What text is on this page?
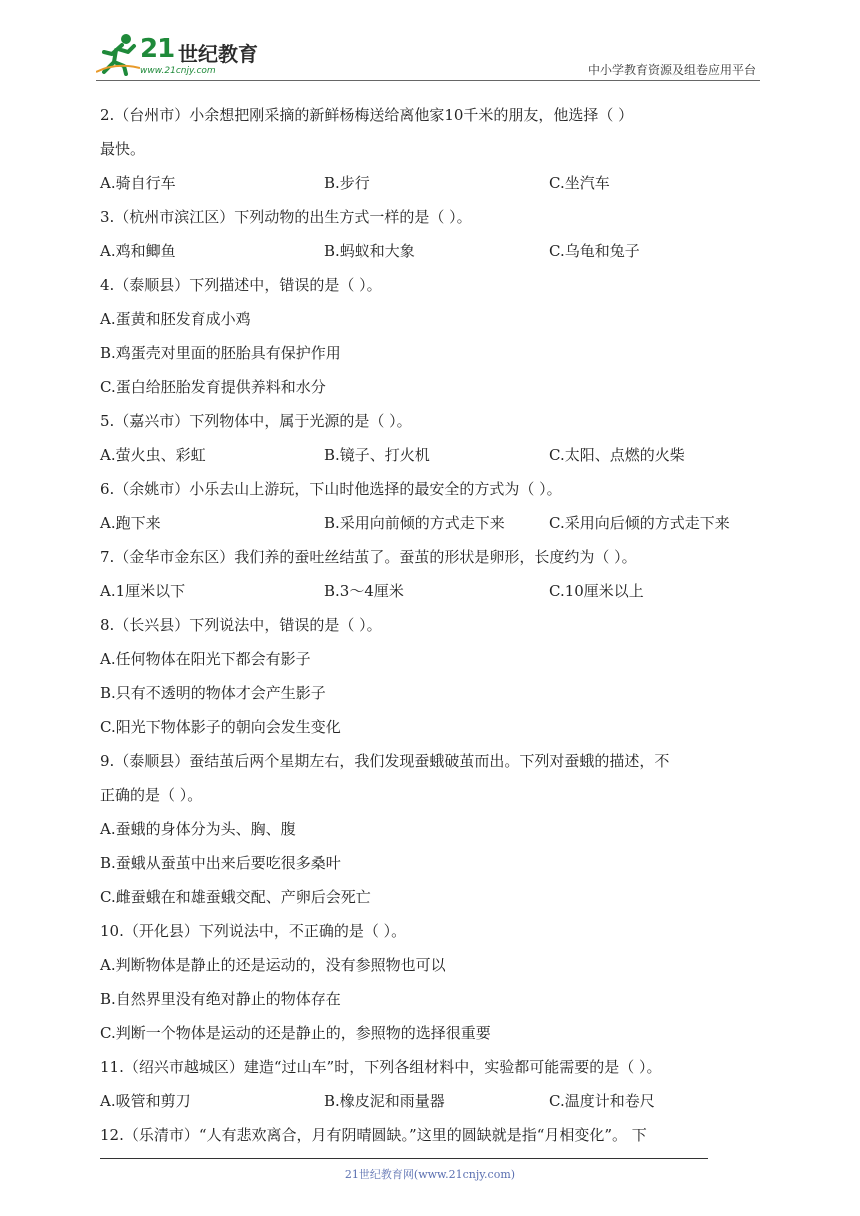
21 世纪教育
www.21cnjy.com	中小学教育资源及组卷应用平台
2.（台州市）小余想把刚采摘的新鲜杨梅送给离他家10千米的朋友，他选择（ ）
最快。
A.骑自行车	B.步行	C.坐汽车
3.（杭州市滨江区）下列动物的出生方式一样的是（ ）。
A.鸡和鲫鱼	B.蚂蚁和大象	C.乌龟和兔子
4.（泰顺县）下列描述中，错误的是（ ）。
A.蛋黄和胚发育成小鸡
B.鸡蛋壳对里面的胚胎具有保护作用
C.蛋白给胚胎发育提供养料和水分
5.（嘉兴市）下列物体中，属于光源的是（ ）。
A.萤火虫、彩虹	B.镜子、打火机	C.太阳、点燃的火柴
6.（余姚市）小乐去山上游玩，下山时他选择的最安全的方式为（ ）。
A.跑下来	B.采用向前倾的方式走下来	C.采用向后倾的方式走下来
7.（金华市金东区）我们养的蚕吐丝结茧了。蚕茧的形状是卵形，长度约为（ ）。
A.1厘米以下	B.3～4厘米	C.10厘米以上
8.（长兴县）下列说法中，错误的是（ ）。
A.任何物体在阳光下都会有影子
B.只有不透明的物体才会产生影子
C.阳光下物体影子的朝向会发生变化
9.（泰顺县）蚕结茧后两个星期左右，我们发现蚕蛾破茧而出。下列对蚕蛾的描述，不
正确的是（ ）。
A.蚕蛾的身体分为头、胸、腹
B.蚕蛾从蚕茧中出来后要吃很多桑叶
C.雌蚕蛾在和雄蚕蛾交配、产卵后会死亡
10.（开化县）下列说法中，不正确的是（ ）。
A.判断物体是静止的还是运动的，没有参照物也可以
B.自然界里没有绝对静止的物体存在
C.判断一个物体是运动的还是静止的，参照物的选择很重要
11.（绍兴市越城区）建造“过山车”时，下列各组材料中，实验都可能需要的是（ ）。
A.吸管和剪刀	B.橡皮泥和雨量器	C.温度计和卷尺
12.（乐清市）“人有悲欢离合，月有阴晴圆缺。”这里的圆缺就是指“月相变化”。 下
21世纪教育网(www.21cnjy.com)
